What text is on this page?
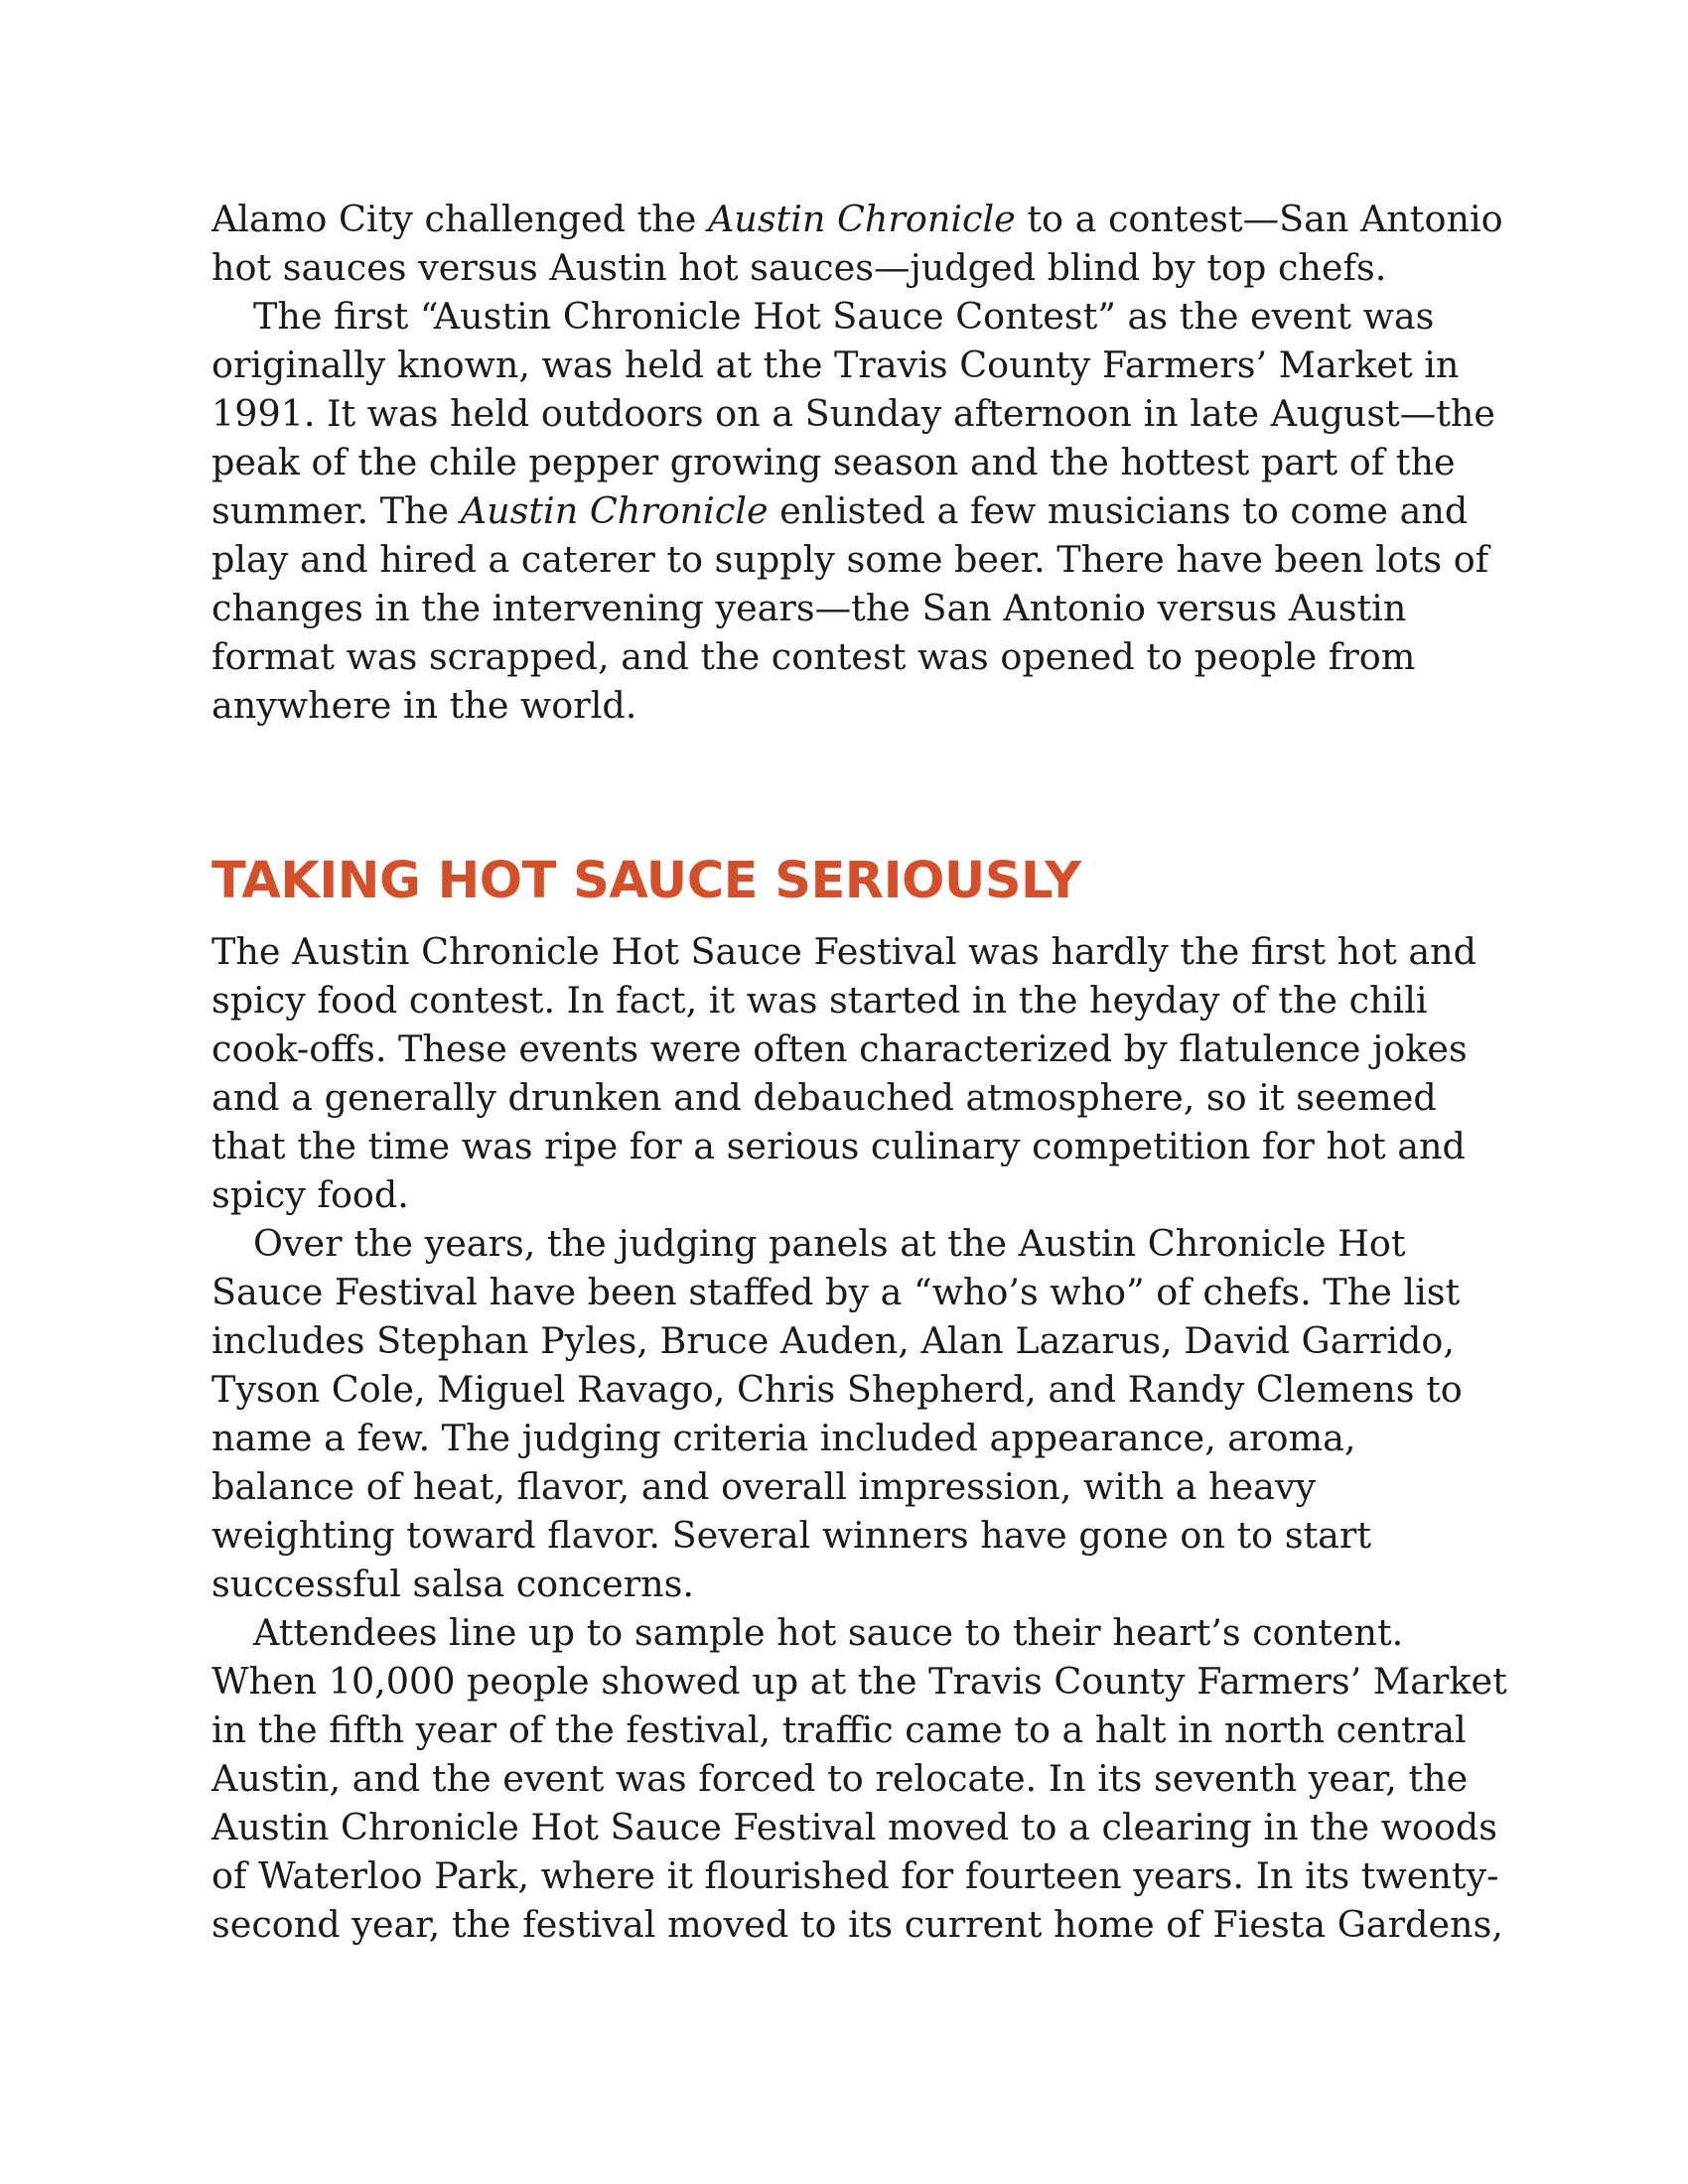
Alamo City challenged the Austin Chronicle to a contest—San Antonio
hot sauces versus Austin hot sauces—judged blind by top chefs.
The first “Austin Chronicle Hot Sauce Contest” as the event was
originally known, was held at the Travis County Farmers’ Market in
1991. It was held outdoors on a Sunday afternoon in late August—the
peak of the chile pepper growing season and the hottest part of the
summer. The Austin Chronicle enlisted a few musicians to come and
play and hired a caterer to supply some beer. There have been lots of
changes in the intervening years—the San Antonio versus Austin
format was scrapped, and the contest was opened to people from
anywhere in the world.
TAKING HOT SAUCE SERIOUSLY
The Austin Chronicle Hot Sauce Festival was hardly the first hot and
spicy food contest. In fact, it was started in the heyday of the chili
cook-offs. These events were often characterized by flatulence jokes
and a generally drunken and debauched atmosphere, so it seemed
that the time was ripe for a serious culinary competition for hot and
spicy food.
Over the years, the judging panels at the Austin Chronicle Hot
Sauce Festival have been staffed by a “who’s who” of chefs. The list
includes Stephan Pyles, Bruce Auden, Alan Lazarus, David Garrido,
Tyson Cole, Miguel Ravago, Chris Shepherd, and Randy Clemens to
name a few. The judging criteria included appearance, aroma,
balance of heat, flavor, and overall impression, with a heavy
weighting toward flavor. Several winners have gone on to start
successful salsa concerns.
Attendees line up to sample hot sauce to their heart’s content.
When 10,000 people showed up at the Travis County Farmers’ Market
in the fifth year of the festival, traffic came to a halt in north central
Austin, and the event was forced to relocate. In its seventh year, the
Austin Chronicle Hot Sauce Festival moved to a clearing in the woods
of Waterloo Park, where it flourished for fourteen years. In its twenty-
second year, the festival moved to its current home of Fiesta Gardens,
